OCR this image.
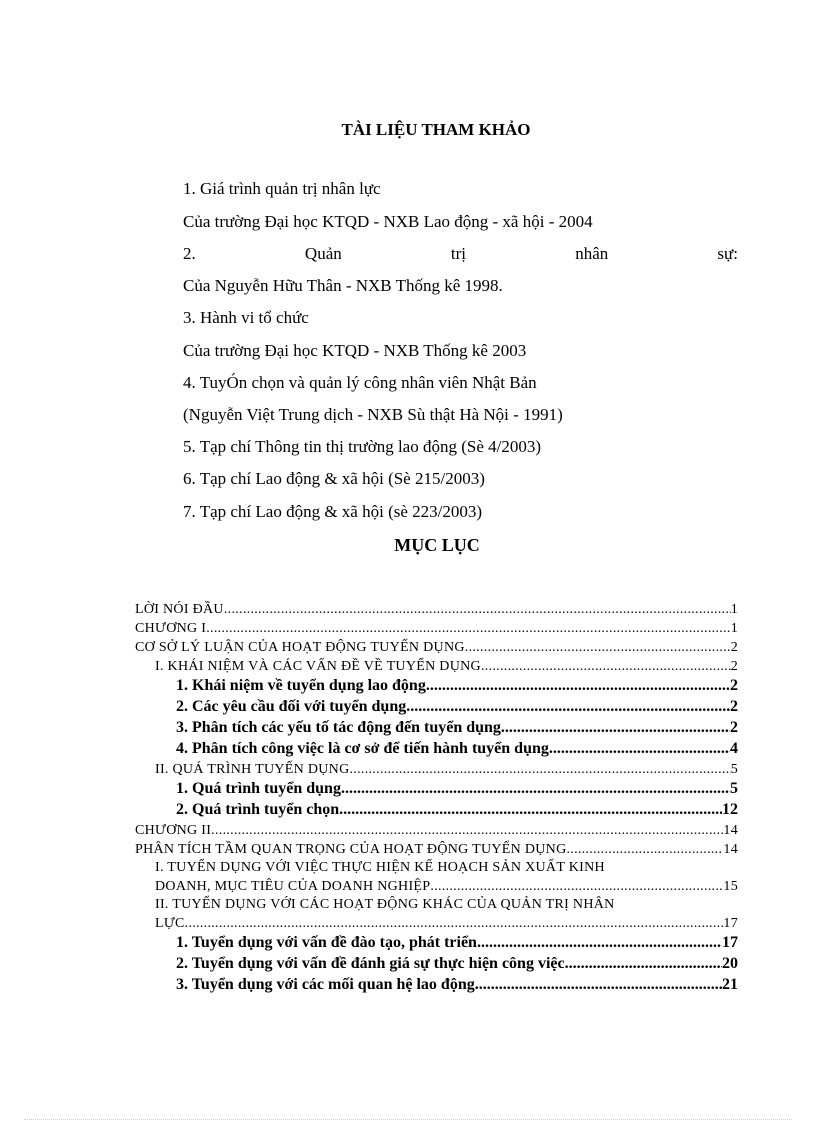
TÀI LIỆU THAM KHẢO
1. Giá trình quản trị nhân lực
Của trường Đại học KTQD - NXB Lao động - xã hội - 2004
2.	Quản	trị	nhân	sự:
Của Nguyễn Hữu Thân - NXB Thống kê 1998.
3. Hành vi tổ chức
Của trường Đại học KTQD - NXB Thống kê 2003
4. TuyÓn chọn và quản lý công nhân viên Nhật Bản
(Nguyễn Việt Trung dịch - NXB Sù thật Hà Nội - 1991)
5. Tạp chí Thông tin thị trường lao động (Sè 4/2003)
6. Tạp chí Lao động & xã hội (Sè 215/2003)
7. Tạp chí Lao động & xã hội (sè 223/2003)
MỤC LỤC
LỜI NÓI ĐẦU .....	1
CHƯƠNG I .....	1
CƠ SỞ LÝ LUẬN CỦA HOẠT ĐỘNG TUYỂN DỤNG .....	2
I. KHÁI NIỆM VÀ CÁC VẤN ĐỀ VỀ TUYỂN DỤNG. .....	2
1. Khái niệm về tuyển dụng lao động. .....	2
2. Các yêu cầu đối với tuyển dụng. .....	2
3. Phân tích các yếu tố tác động đến tuyển dụng. .....	2
4. Phân tích công việc là cơ sở để tiến hành tuyển dụng .....	4
II. QUÁ TRÌNH TUYỂN DỤNG .....	5
1. Quá trình tuyển dụng .....	5
2. Quá trình tuyển chọn. .....	12
CHƯƠNG II .....	14
PHÂN TÍCH TẦM QUAN TRỌNG CỦA HOẠT ĐỘNG TUYỂN DỤNG. .....	14
I. TUYỂN DỤNG VỚI VIỆC THỰC HIỆN KẾ HOẠCH SẢN XUẤT KINH
DOANH, MỤC TIÊU CỦA DOANH NGHIỆP .....	15
II. TUYỂN DỤNG VỚI CÁC HOẠT ĐỘNG KHÁC CỦA QUẢN TRỊ NHÂN
LỰC. .....	17
1. Tuyển dụng với vấn đề đào tạo, phát triển. .....	17
2. Tuyển dụng với vấn đề đánh giá sự thực hiện công việc .....	20
3. Tuyển dụng với các mối quan hệ lao động .....	21
